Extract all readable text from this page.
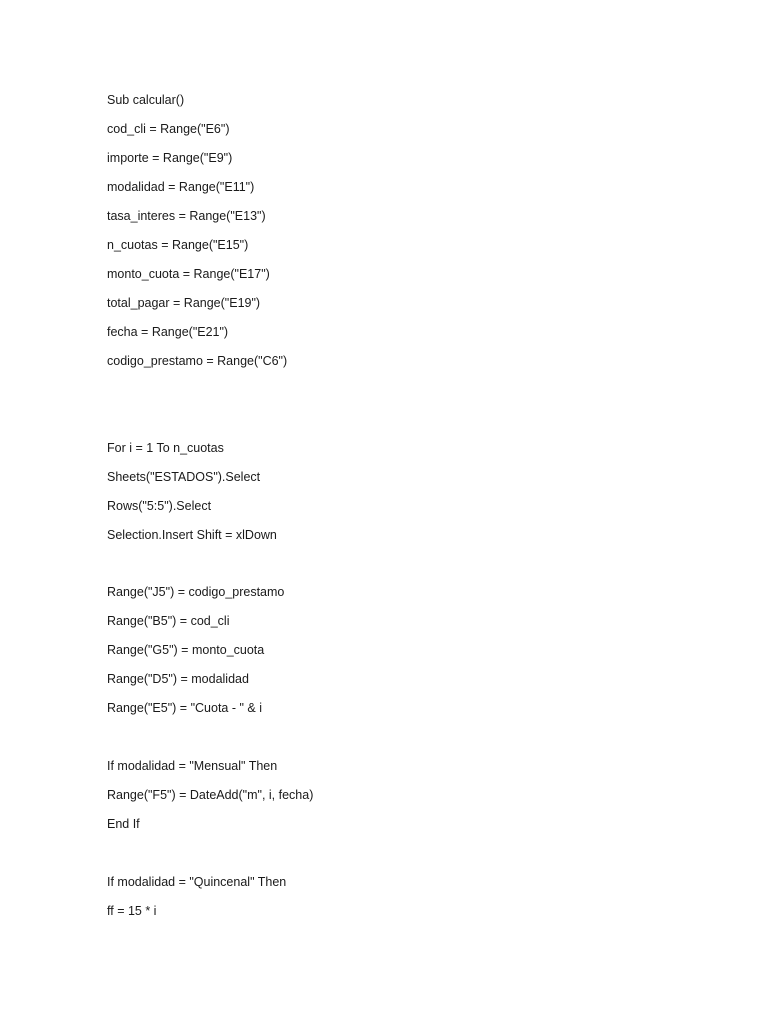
Sub calcular()
cod_cli = Range("E6")
importe = Range("E9")
modalidad = Range("E11")
tasa_interes = Range("E13")
n_cuotas = Range("E15")
monto_cuota = Range("E17")
total_pagar = Range("E19")
fecha = Range("E21")
codigo_prestamo = Range("C6")
For i = 1 To n_cuotas
Sheets("ESTADOS").Select
Rows("5:5").Select
Selection.Insert Shift = xlDown
Range("J5") = codigo_prestamo
Range("B5") = cod_cli
Range("G5") = monto_cuota
Range("D5") = modalidad
Range("E5") = "Cuota - " & i
If modalidad = "Mensual" Then
Range("F5") = DateAdd("m", i, fecha)
End If
If modalidad = "Quincenal" Then
ff = 15 * i
